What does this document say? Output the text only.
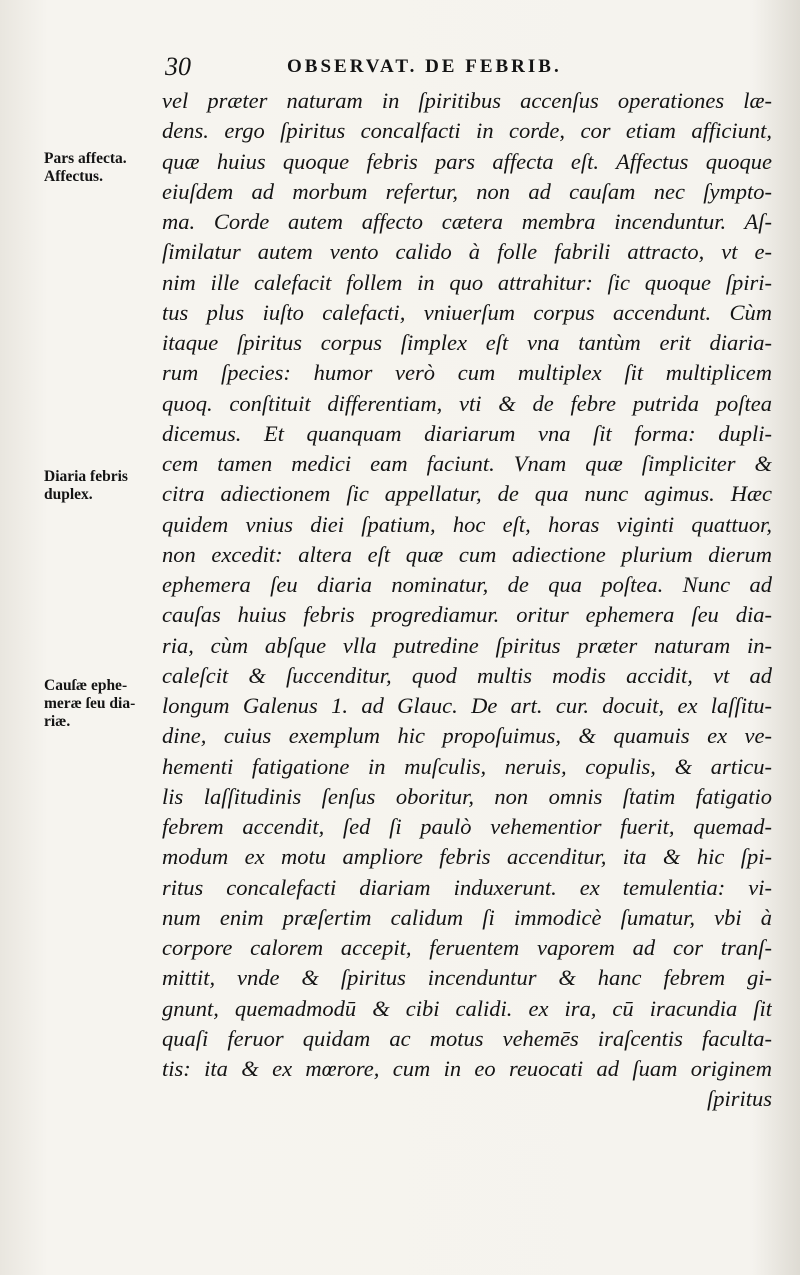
30	OBSERVAT. DE FEBRIB.
Pars affecta.
Affectus.
Diaria febris
duplex.
Cauſæ ephe-
meræ ſeu dia-
riæ.
vel præter naturam in ſpiritibus accenſus operationes læ-
dens. ergo ſpiritus concalfacti in corde, cor etiam afficiunt,
quæ huius quoque febris pars affecta eſt. Affectus quoque
eiuſdem ad morbum refertur, non ad cauſam nec ſympto-
ma. Corde autem affecto cætera membra incenduntur. Aſ-
ſimilatur autem vento calido à folle fabrili attracto, vt e-
nim ille calefacit follem in quo attrahitur: ſic quoque ſpiri-
tus plus iuſto calefacti, vniuerſum corpus accendunt. Cùm
itaque ſpiritus corpus ſimplex eſt vna tantùm erit diaria-
rum ſpecies: humor verò cum multiplex ſit multiplicem
quoq. conſtituit differentiam, vti & de febre putrida poſtea
dicemus. Et quanquam diariarum vna ſit forma: dupli-
cem tamen medici eam faciunt. Vnam quæ ſimpliciter &
citra adiectionem ſic appellatur, de qua nunc agimus. Hæc
quidem vnius diei ſpatium, hoc eſt, horas viginti quattuor,
non excedit: altera eſt quæ cum adiectione plurium dierum
ephemera ſeu diaria nominatur, de qua poſtea. Nunc ad
cauſas huius febris progrediamur. oritur ephemera ſeu dia-
ria, cùm abſque vlla putredine ſpiritus præter naturam in-
caleſcit & ſuccenditur, quod multis modis accidit, vt ad
longum Galenus 1. ad Glauc. De art. cur. docuit, ex laſſitu-
dine, cuius exemplum hic propoſuimus, & quamuis ex ve-
hementi fatigatione in muſculis, neruis, copulis, & articu-
lis laſſitudinis ſenſus oboritur, non omnis ſtatim fatigatio
febrem accendit, ſed ſi paulò vehementior fuerit, quemad-
modum ex motu ampliore febris accenditur, ita & hic ſpi-
ritus concalefacti diariam induxerunt. ex temulentia: vi-
num enim præſertim calidum ſi immodicè ſumatur, vbi à
corpore calorem accepit, feruentem vaporem ad cor tranſ-
mittit, vnde & ſpiritus incenduntur & hanc febrem gi-
gnunt, quemadmodū & cibi calidi. ex ira, cū iracundia ſit
quaſi feruor quidam ac motus vehemēs iraſcentis faculta-
tis: ita & ex mœrore, cum in eo reuocati ad ſuam originem
ſpiritus
